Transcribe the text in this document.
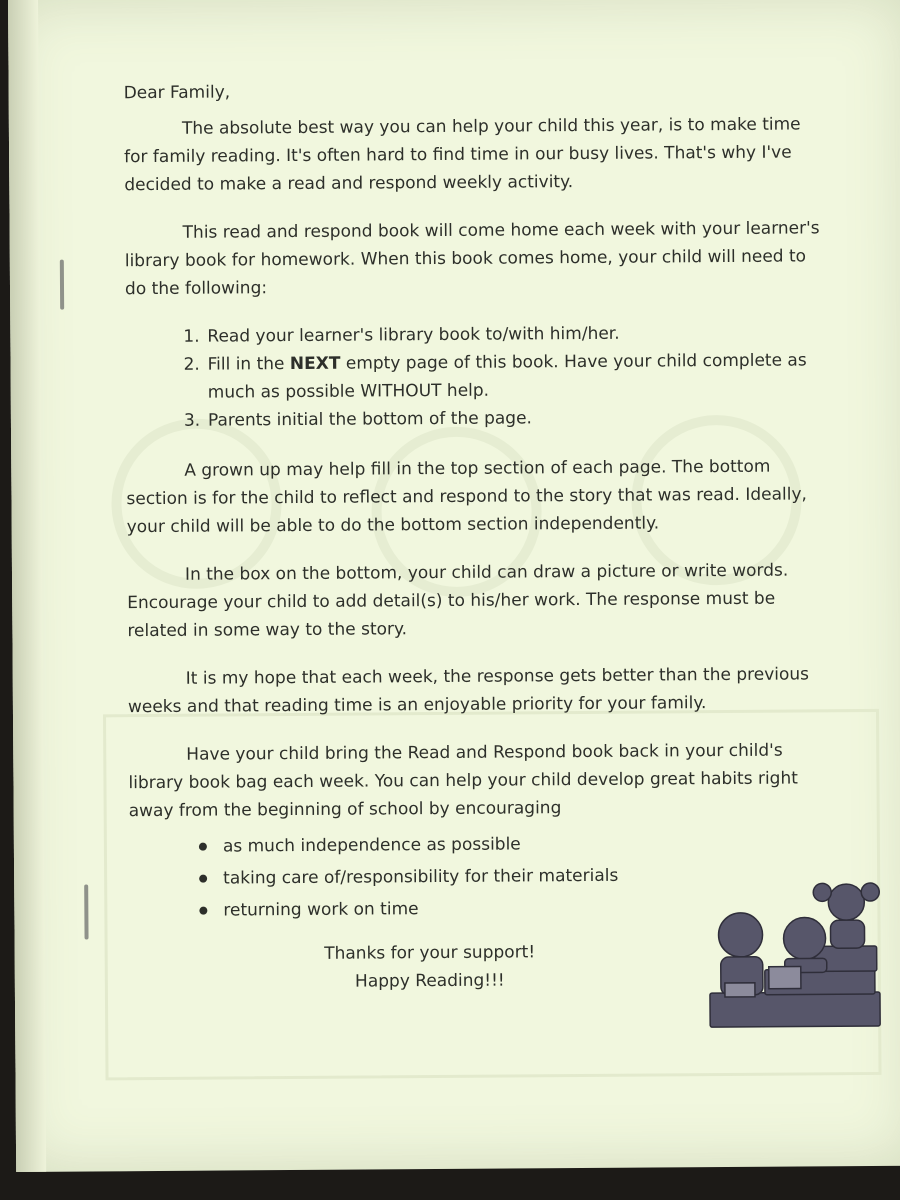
​ Dear Family,

The absolute best way you can help your child this year, is to make time for family reading. It's often hard to find time in our busy lives. That's why I've decided to make a read and respond weekly activity.

This read and respond book will come home each week with your learner's library book for homework. When this book comes home, your child will need to do the following:

1. Read your learner's library book to/with him/her.
2. Fill in the NEXT empty page of this book. Have your child complete as much as possible WITHOUT help.
3. Parents initial the bottom of the page.

A grown up may help fill in the top section of each page. The bottom section is for the child to reflect and respond to the story that was read. Ideally, your child will be able to do the bottom section independently.

In the box on the bottom, your child can draw a picture or write words. Encourage your child to add detail(s) to his/her work. The response must be related in some way to the story.

It is my hope that each week, the response gets better than the previous weeks and that reading time is an enjoyable priority for your family.

Have your child bring the Read and Respond book back in your child's library book bag each week. You can help your child develop great habits right away from the beginning of school by encouraging

as much independence as possible
taking care of/responsibility for their materials
returning work on time
Thanks for your support!
Happy Reading!!!
